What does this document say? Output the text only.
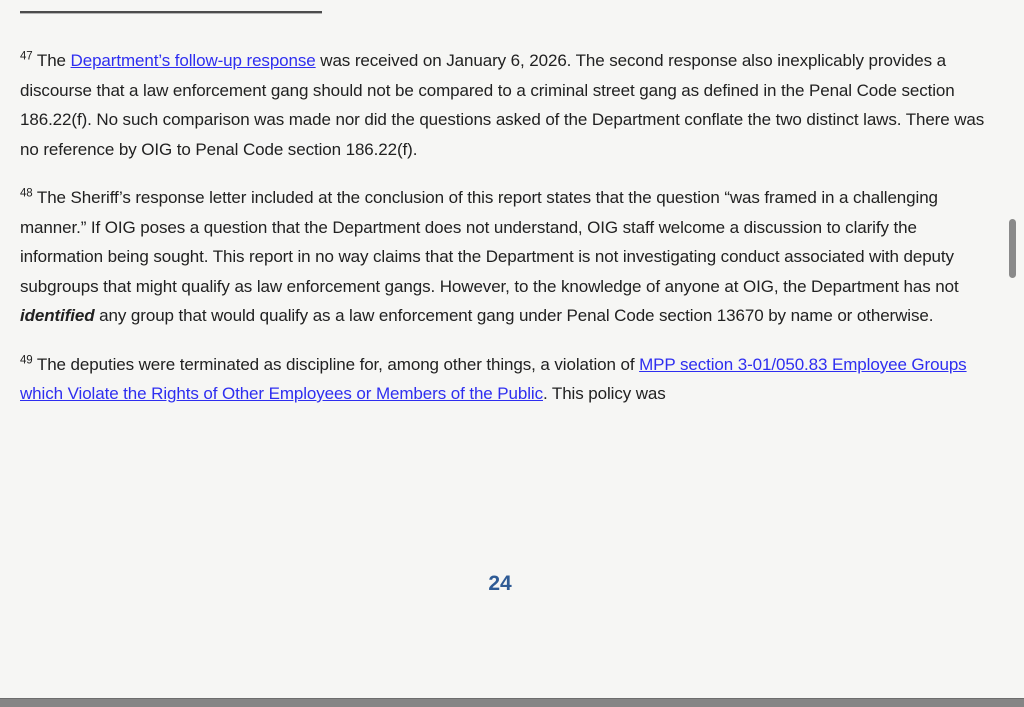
$^{47}$ The Department’s follow-up response was received on January 6, 2026. The second response also inexplicably provides a discourse that a law enforcement gang should not be compared to a criminal street gang as defined in the Penal Code section 186.22(f). No such comparison was made nor did the questions asked of the Department conflate the two distinct laws. There was no reference by OIG to Penal Code section 186.22(f).

$^{48}$ The Sheriff’s response letter included at the conclusion of this report states that the question “was framed in a challenging manner.” If OIG poses a question that the Department does not understand, OIG staff welcome a discussion to clarify the information being sought. This report in no way claims that the Department is not investigating conduct associated with deputy subgroups that might qualify as law enforcement gangs. However, to the knowledge of anyone at OIG, the Department has not identified any group that would qualify as a law enforcement gang under Penal Code section 13670 by name or otherwise.

$^{49}$ The deputies were terminated as discipline for, among other things, a violation of MPP section 3-01/050.83 Employee Groups which Violate the Rights of Other Employees or Members of the Public. This policy was

24
